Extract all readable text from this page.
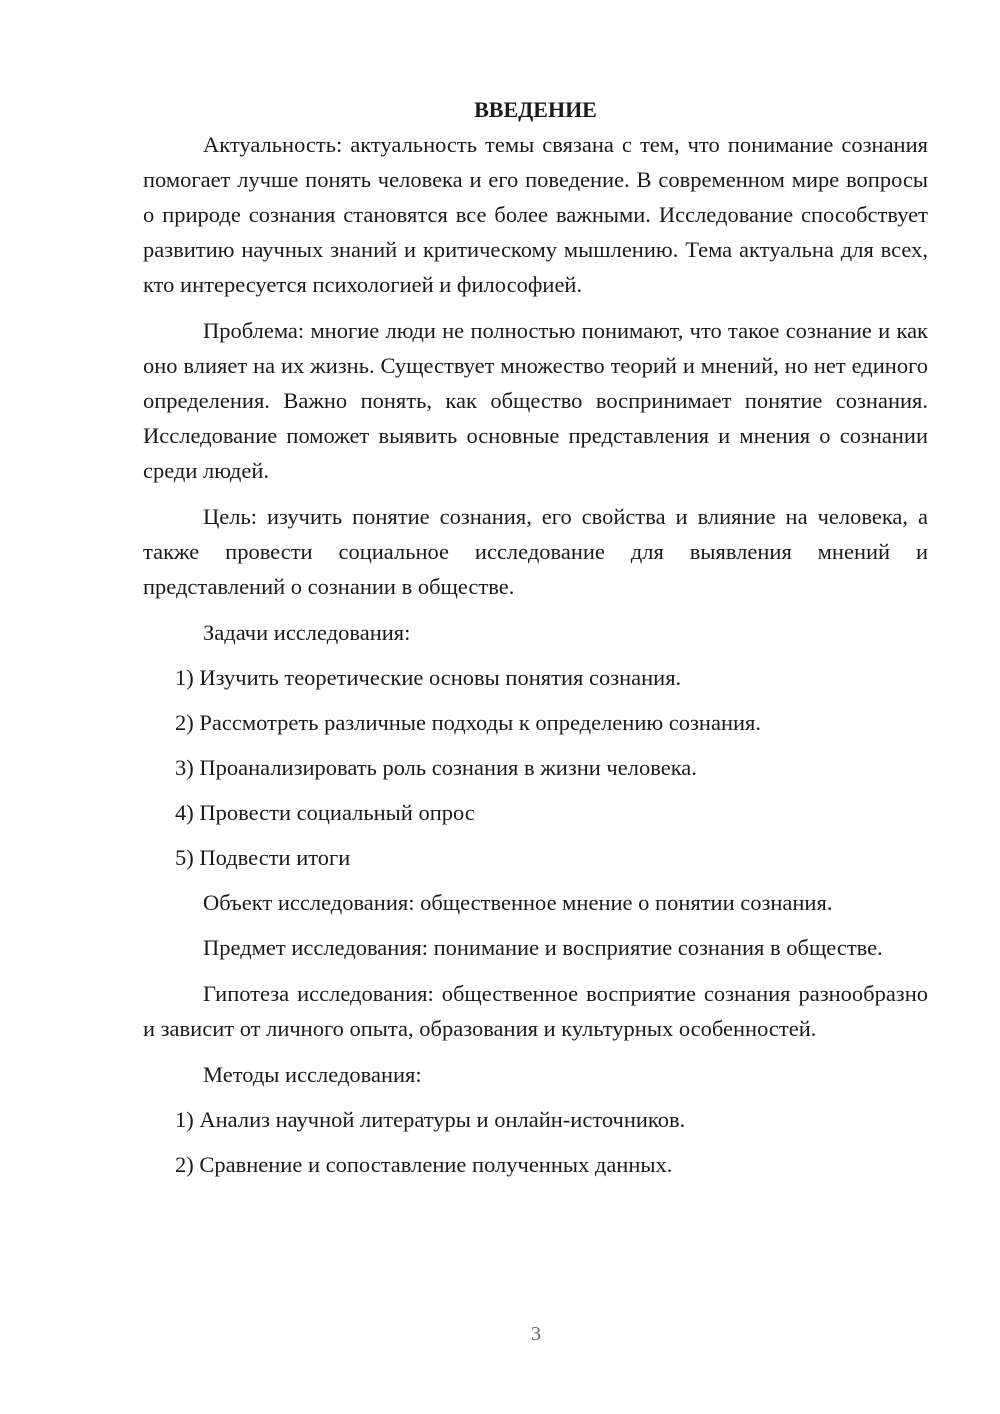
ВВЕДЕНИЕ

Актуальность: актуальность темы связана с тем, что понимание сознания помогает лучше понять человека и его поведение. В современном мире вопросы о природе сознания становятся все более важными. Исследование способствует развитию научных знаний и критическому мышлению. Тема актуальна для всех, кто интересуется психологией и философией.

Проблема: многие люди не полностью понимают, что такое сознание и как оно влияет на их жизнь. Существует множество теорий и мнений, но нет единого определения. Важно понять, как общество воспринимает понятие сознания. Исследование поможет выявить основные представления и мнения о сознании среди людей.

Цель: изучить понятие сознания, его свойства и влияние на человека, а также провести социальное исследование для выявления мнений и представлений о сознании в обществе.

Задачи исследования:

1) Изучить теоретические основы понятия сознания.

2) Рассмотреть различные подходы к определению сознания.

3) Проанализировать роль сознания в жизни человека.

4) Провести социальный опрос

5) Подвести итоги

Объект исследования: общественное мнение о понятии сознания.

Предмет исследования: понимание и восприятие сознания в обществе.

Гипотеза исследования: общественное восприятие сознания разнообразно и зависит от личного опыта, образования и культурных особенностей.

Методы исследования:

1) Анализ научной литературы и онлайн-источников.

2) Сравнение и сопоставление полученных данных.

3
